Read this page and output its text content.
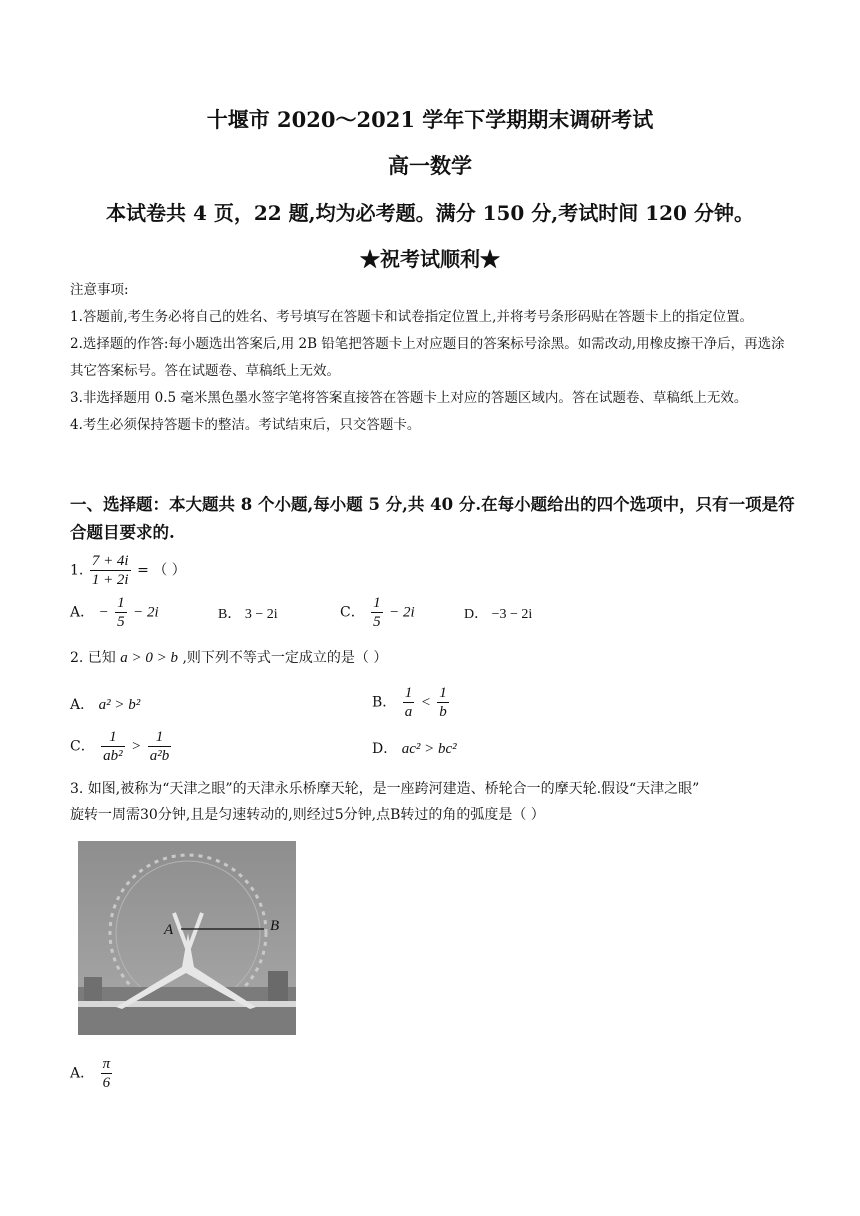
十堰市 2020～2021 学年下学期期末调研考试
高一数学
本试卷共 4 页，22 题,均为必考题。满分 150 分,考试时间 120 分钟。
★祝考试顺利★
注意事项:
1.答题前,考生务必将自己的姓名、考号填写在答题卡和试卷指定位置上,并将考号条形码贴在答题卡上的指定位置。
2.选择题的作答:每小题选出答案后,用 2B 铅笔把答题卡上对应题目的答案标号涂黑。如需改动,用橡皮擦干净后，再选涂其它答案标号。答在试题卷、草稿纸上无效。
3.非选择题用 0.5 毫米黑色墨水签字笔将答案直接答在答题卡上对应的答题区域内。答在试题卷、草稿纸上无效。
4.考生必须保持答题卡的整洁。考试结束后，只交答题卡。
一、选择题：本大题共 8 个小题,每小题 5 分,共 40 分.在每小题给出的四个选项中，只有一项是符合题目要求的.
1. $\frac{7 + 4i}{1 + 2i}$ = （ ）
A． − $\frac{1}{5} - 2i$	B． 3 − 2i	C． $\frac{1}{5} - 2i$	D． −3 − 2i
2. 已知 a > 0 > b ,则下列不等式一定成立的是（ ）
A． a² > b²	B． $\frac{1}{a} < \frac{1}{b}$
C． $\frac{1}{\text{ab²}} > \frac{1}{\text{a²b}}$	D． ac² > bc²
3. 如图,被称为“天津之眼”的天津永乐桥摩天轮，是一座跨河建造、桥轮合一的摩天轮.假设“天津之眼”
旋转一周需30分钟,且是匀速转动的,则经过5分钟,点B转过的角的弧度是（ ）
A	B
A． $\frac{\pi}{6}$
